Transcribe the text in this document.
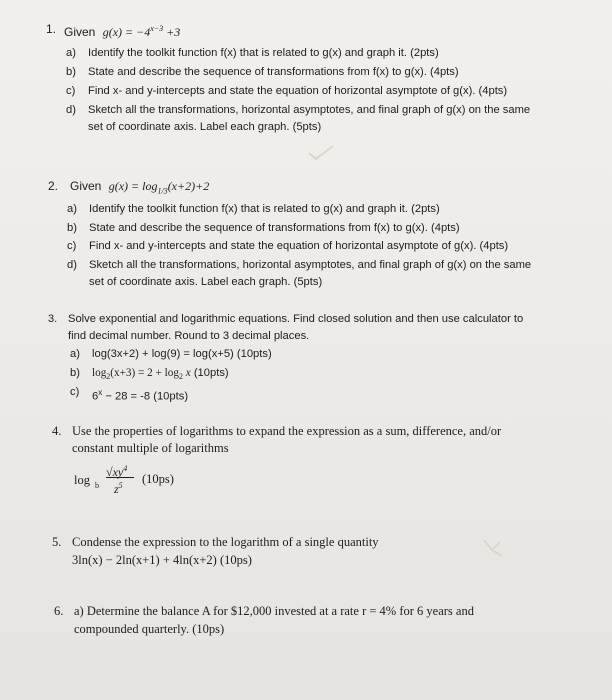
1. Given $g(x) = -4^{x-3} +3$
a) Identify the toolkit function f(x) that is related to g(x) and graph it. (2pts)
b) State and describe the sequence of transformations from f(x) to g(x). (4pts)
c) Find x- and y-intercepts and state the equation of horizontal asymptote of g(x). (4pts)
d) Sketch all the transformations, horizontal asymptotes, and final graph of g(x) on the same
set of coordinate axis. Label each graph. (5pts)
2. Given $g(x) = \log_{1/3}(x+2)+2$
a) Identify the toolkit function f(x) that is related to g(x) and graph it. (2pts)
b) State and describe the sequence of transformations from f(x) to g(x). (4pts)
c) Find x- and y-intercepts and state the equation of horizontal asymptote of g(x). (4pts)
d) Sketch all the transformations, horizontal asymptotes, and final graph of g(x) on the same
set of coordinate axis. Label each graph. (5pts)
3. Solve exponential and logarithmic equations. Find closed solution and then use calculator to
find decimal number. Round to 3 decimal places.
a) log(3x+2) + log(9) = log(x+5) (10pts)
b) $\log_2(x+3) = 2 + \log_2 x$ (10pts)
c) $6^x - 28 = -8$ (10pts)
4. Use the properties of logarithms to expand the expression as a sum, difference, and/or
constant multiple of logarithms
log b
$√xy^4$
$z^5$ (10ps)
5. Condense the expression to the logarithm of a single quantity
3ln(x) − 2ln(x+1) + 4ln(x+2) (10ps)
6. a) Determine the balance A for $12,000 invested at a rate r = 4% for 6 years and
compounded quarterly. (10ps)
